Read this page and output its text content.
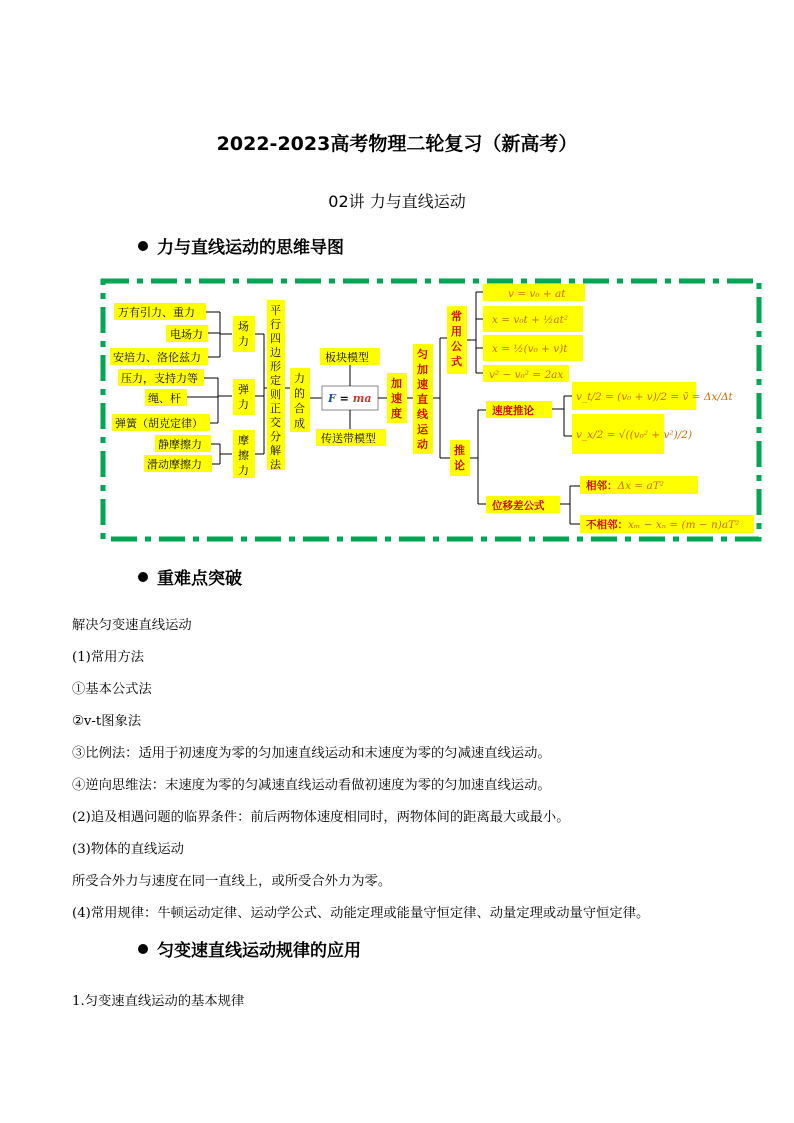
2022-2023高考物理二轮复习（新高考）
02讲 力与直线运动
力与直线运动的思维导图
万有引力、重力
电场力
安培力、洛伦兹力
压力，支持力等
绳、杆
弹簧（胡克定律）
静摩擦力
滑动摩擦力
场力
弹力
摩擦力
平行四 边形定 则正交 分解法
力的合成
F = ma
板块模型
传送带模型
加速度
匀加速 直线运动
常用公式
v = v₀ + at
x = v₀t + ½at²
x = ½(v₀ + v)t
v² − v₀² = 2ax
推论
速度推论
v_t/2 = (v₀ + v)/2 = v̄ = Δx/Δt
v_x/2 = √((v₀² + v²)/2)
位移差公式
相邻：Δx = aT²
不相邻：xₘ − xₙ = (m − n)aT²
重难点突破
解决匀变速直线运动
(1)常用方法
①基本公式法
②v-t图象法
③比例法：适用于初速度为零的匀加速直线运动和末速度为零的匀减速直线运动。
④逆向思维法：末速度为零的匀减速直线运动看做初速度为零的匀加速直线运动。
(2)追及相遇问题的临界条件：前后两物体速度相同时，两物体间的距离最大或最小。
(3)物体的直线运动
所受合外力与速度在同一直线上，或所受合外力为零。
(4)常用规律：牛顿运动定律、运动学公式、动能定理或能量守恒定律、动量定理或动量守恒定律。
匀变速直线运动规律的应用
1.匀变速直线运动的基本规律
